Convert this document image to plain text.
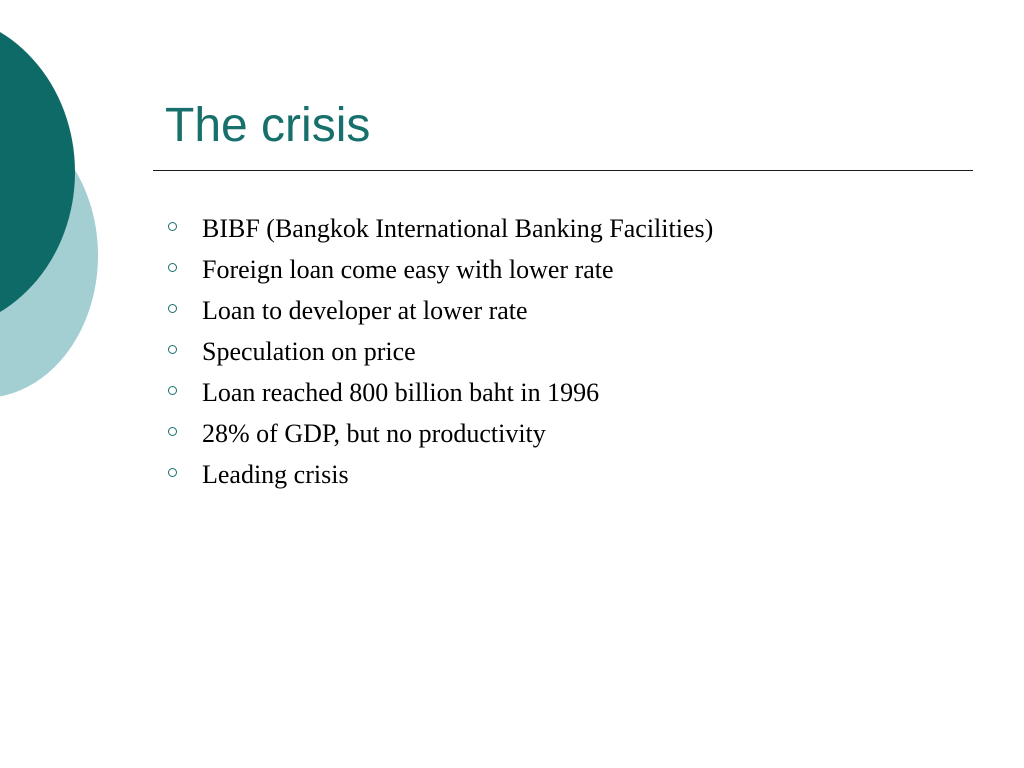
The crisis
BIBF (Bangkok International Banking Facilities)
Foreign loan come easy with lower rate
Loan to developer at lower rate
Speculation on price
Loan reached 800 billion baht in 1996
28% of GDP, but no productivity
Leading crisis
